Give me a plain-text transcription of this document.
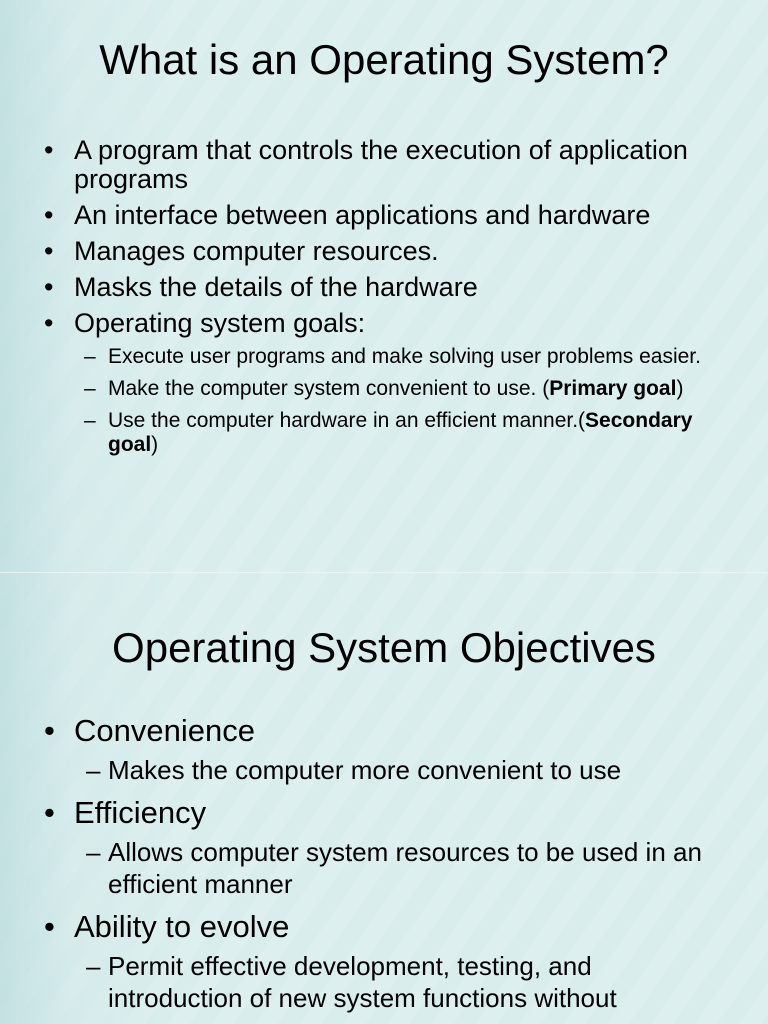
What is an Operating System?
• A program that controls the execution of application programs
• An interface between applications and hardware
• Manages computer resources.
• Masks the details of the hardware
• Operating system goals:
– Execute user programs and make solving user problems easier.
– Make the computer system convenient to use. (Primary goal)
– Use the computer hardware in an efficient manner.(Secondary goal)
Operating System Objectives
• Convenience
– Makes the computer more convenient to use
• Efficiency
– Allows computer system resources to be used in an efficient manner
• Ability to evolve
– Permit effective development, testing, and introduction of new system functions without
